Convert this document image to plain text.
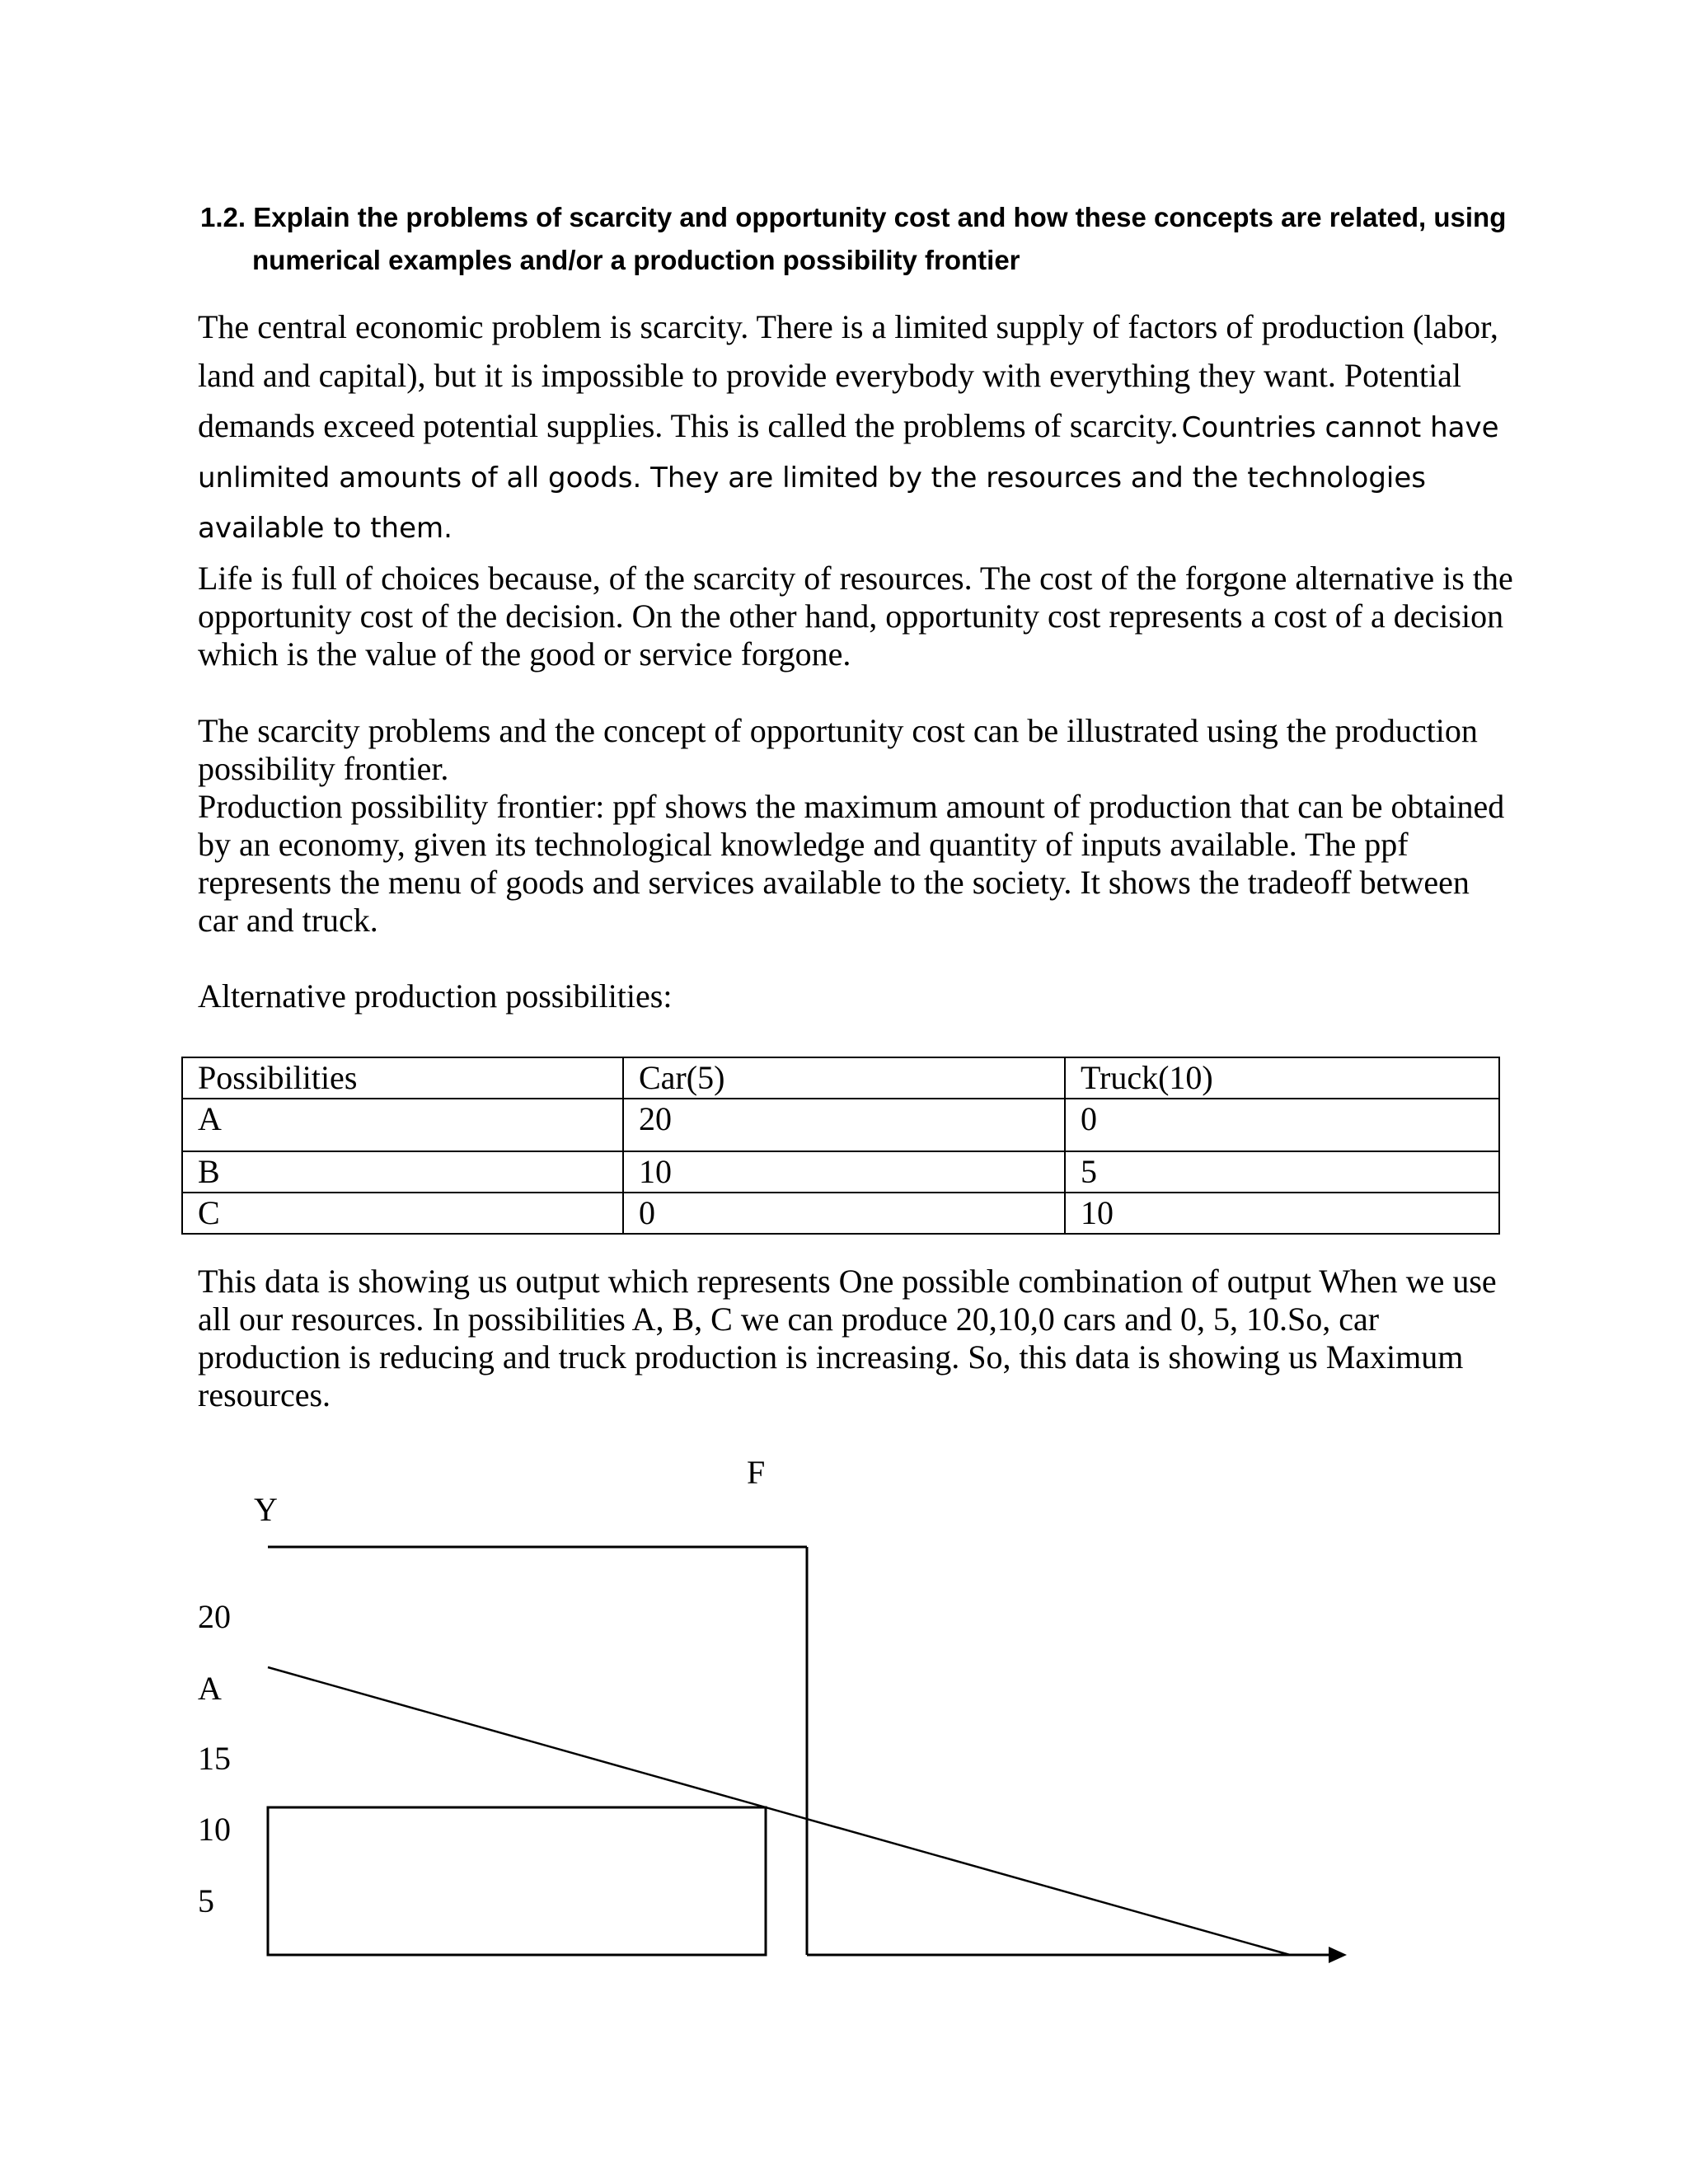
1.2. Explain the problems of scarcity and opportunity cost and how these concepts are related, using
numerical examples and/or a production possibility frontier

The central economic problem is scarcity. There is a limited supply of factors of production (labor, land and capital), but it is impossible to provide everybody with everything they want. Potential demands exceed potential supplies. This is called the problems of scarcity. Countries cannot have unlimited amounts of all goods. They are limited by the resources and the technologies available to them.

Life is full of choices because, of the scarcity of resources. The cost of the forgone alternative is the opportunity cost of the decision. On the other hand, opportunity cost represents a cost of a decision which is the value of the good or service forgone.

The scarcity problems and the concept of opportunity cost can be illustrated using the production possibility frontier.

Production possibility frontier: ppf shows the maximum amount of production that can be obtained by an economy, given its technological knowledge and quantity of inputs available. The ppf represents the menu of goods and services available to the society. It shows the tradeoff between car and truck.

Alternative production possibilities:

Possibilities	Car(5)	Truck(10)
A	20	0
B	10	5
C	0	10

This data is showing us output which represents One possible combination of output When we use all our resources. In possibilities A, B, C we can produce 20,10,0 cars and 0, 5, 10.So, car production is reducing and truck production is increasing. So, this data is showing us Maximum resources.

F
Y
20
A
15
10
5
